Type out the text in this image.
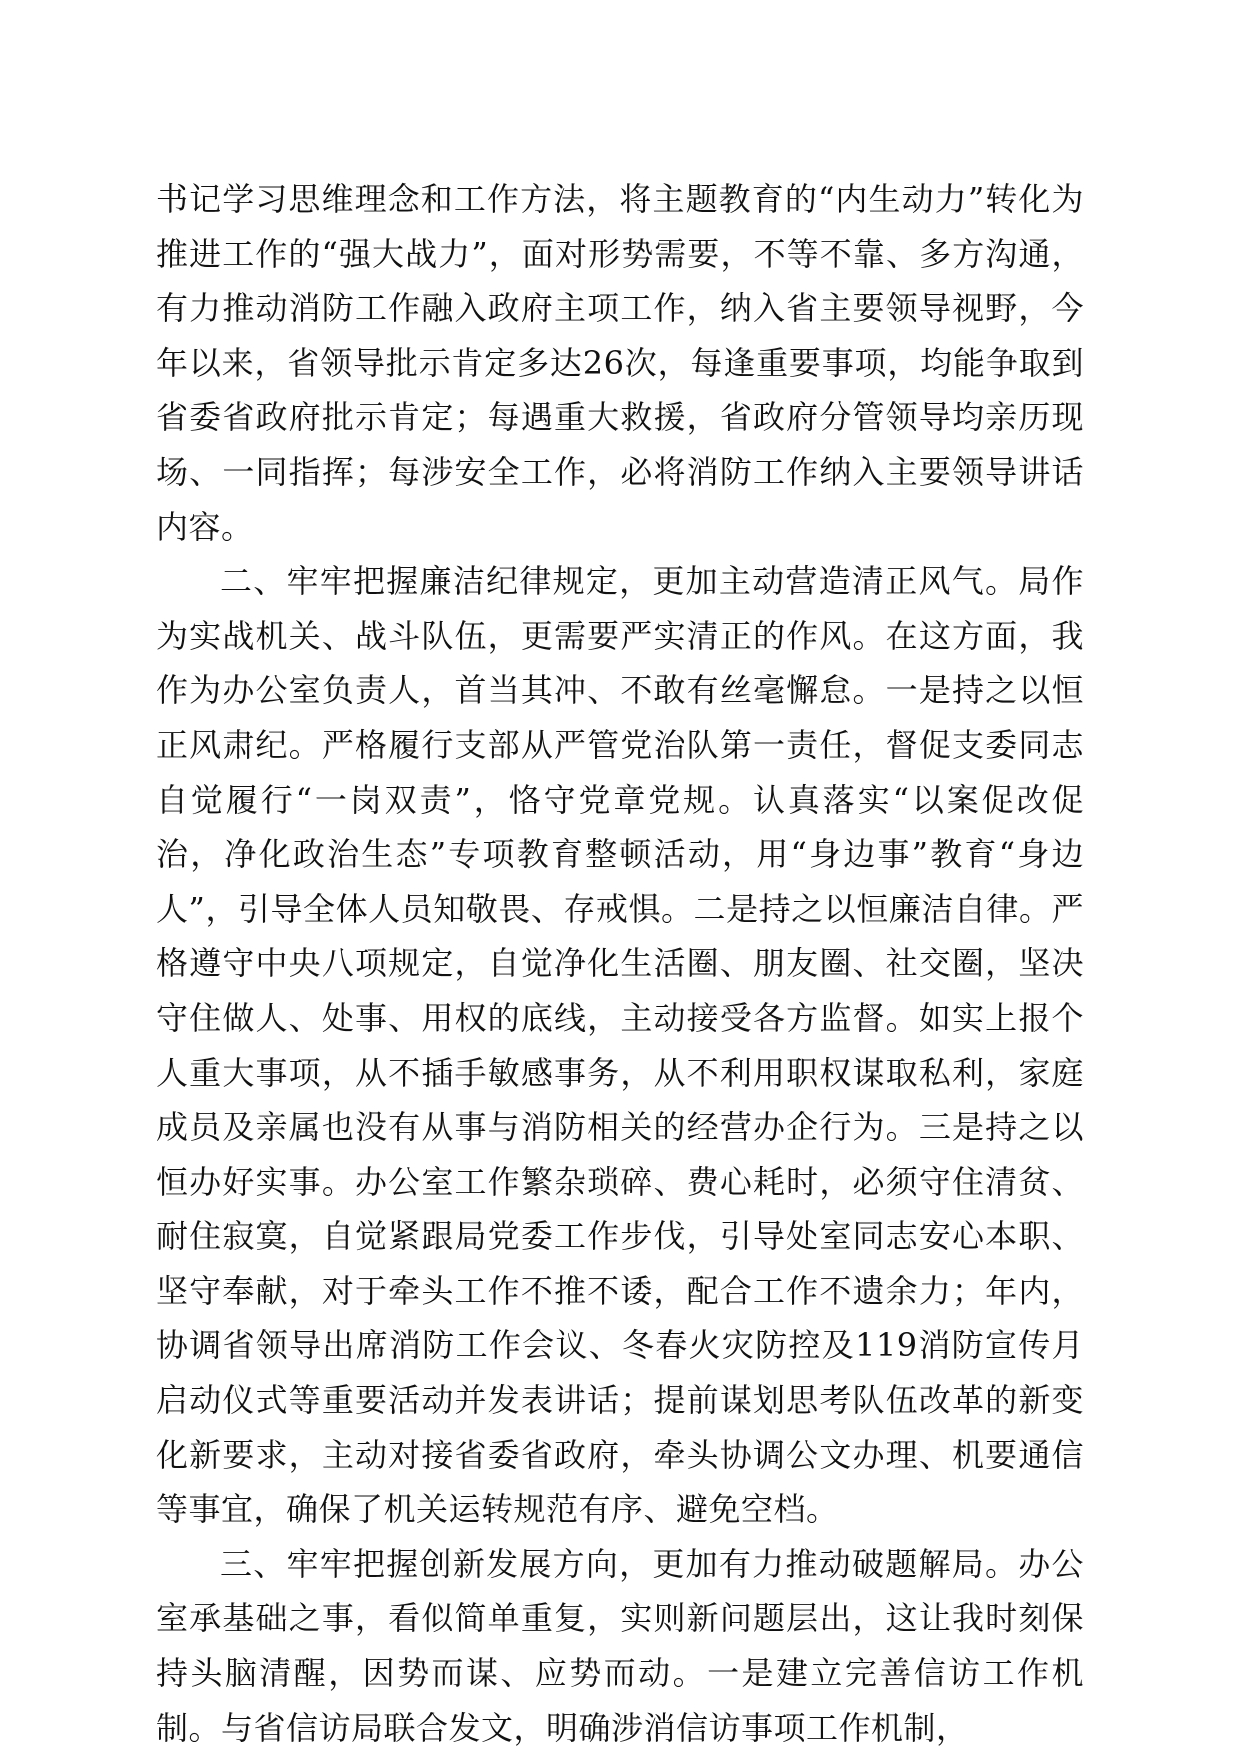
书记学习思维理念和工作方法，将主题教育的“内生动力”转化为推进工作的“强大战力”，面对形势需要，不等不靠、多方沟通，有力推动消防工作融入政府主项工作，纳入省主要领导视野，今年以来，省领导批示肯定多达26次，每逢重要事项，均能争取到省委省政府批示肯定；每遇重大救援，省政府分管领导均亲历现场、一同指挥；每涉安全工作，必将消防工作纳入主要领导讲话内容。

二、牢牢把握廉洁纪律规定，更加主动营造清正风气。局作为实战机关、战斗队伍，更需要严实清正的作风。在这方面，我作为办公室负责人，首当其冲、不敢有丝毫懈怠。一是持之以恒正风肃纪。严格履行支部从严管党治队第一责任，督促支委同志自觉履行“一岗双责”，恪守党章党规。认真落实“以案促改促治，净化政治生态”专项教育整顿活动，用“身边事”教育“身边人”，引导全体人员知敬畏、存戒惧。二是持之以恒廉洁自律。严格遵守中央八项规定，自觉净化生活圈、朋友圈、社交圈，坚决守住做人、处事、用权的底线，主动接受各方监督。如实上报个人重大事项，从不插手敏感事务，从不利用职权谋取私利，家庭成员及亲属也没有从事与消防相关的经营办企行为。三是持之以恒办好实事。办公室工作繁杂琐碎、费心耗时，必须守住清贫、耐住寂寞，自觉紧跟局党委工作步伐，引导处室同志安心本职、坚守奉献，对于牵头工作不推不诿，配合工作不遗余力；年内，协调省领导出席消防工作会议、冬春火灾防控及119消防宣传月启动仪式等重要活动并发表讲话；提前谋划思考队伍改革的新变化新要求，主动对接省委省政府，牵头协调公文办理、机要通信等事宜，确保了机关运转规范有序、避免空档。

三、牢牢把握创新发展方向，更加有力推动破题解局。办公室承基础之事，看似简单重复，实则新问题层出，这让我时刻保持头脑清醒，因势而谋、应势而动。一是建立完善信访工作机制。与省信访局联合发文，明确涉消信访事项工作机制，
